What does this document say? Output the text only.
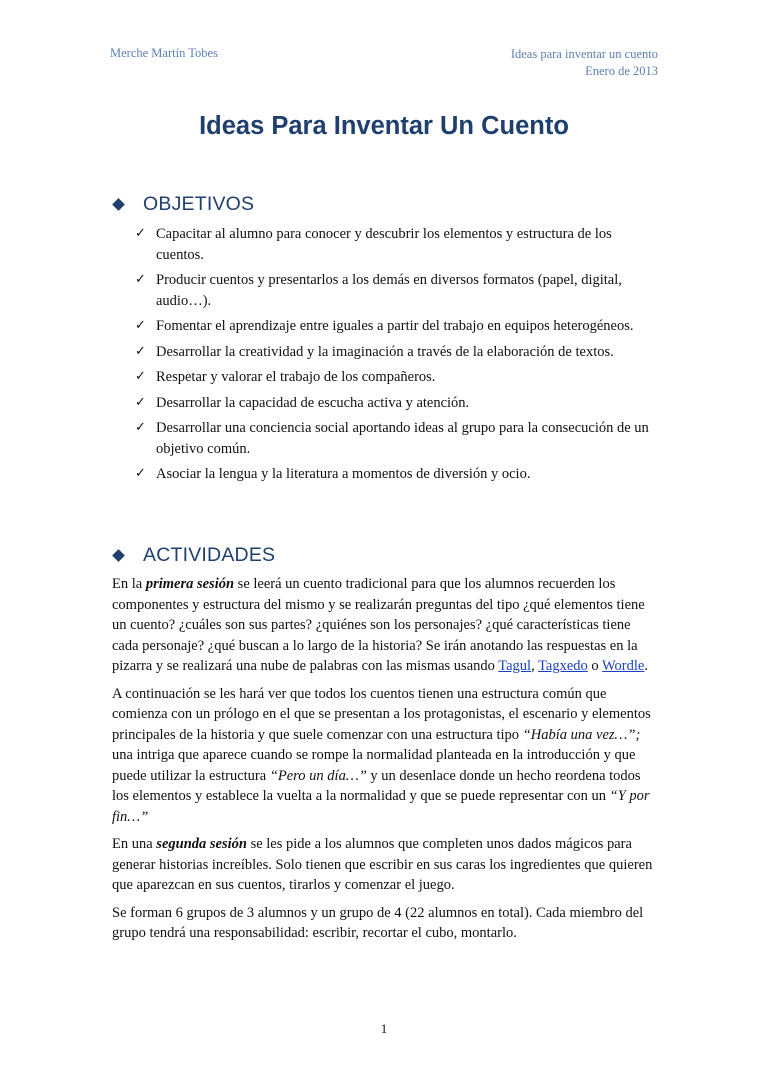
Merche Martín Tobes	Ideas para inventar un cuento
Enero de 2013
Ideas Para Inventar Un Cuento
OBJETIVOS
✓ Capacitar al alumno para conocer y descubrir los elementos y estructura de los cuentos.
✓ Producir cuentos y presentarlos a los demás en diversos formatos (papel, digital, audio…).
✓ Fomentar el aprendizaje entre iguales a partir del trabajo en equipos heterogéneos.
✓ Desarrollar la creatividad y la imaginación a través de la elaboración de textos.
✓ Respetar y valorar el trabajo de los compañeros.
✓ Desarrollar la capacidad de escucha activa y atención.
✓ Desarrollar una conciencia social aportando ideas al grupo para la consecución de un objetivo común.
✓ Asociar la lengua y la literatura a momentos de diversión y ocio.
ACTIVIDADES

En la primera sesión se leerá un cuento tradicional para que los alumnos recuerden los componentes y estructura del mismo y se realizarán preguntas del tipo ¿qué elementos tiene un cuento? ¿cuáles son sus partes? ¿quiénes son los personajes? ¿qué características tiene cada personaje? ¿qué buscan a lo largo de la historia? Se irán anotando las respuestas en la pizarra y se realizará una nube de palabras con las mismas usando Tagul, Tagxedo o Wordle.

A continuación se les hará ver que todos los cuentos tienen una estructura común que comienza con un prólogo en el que se presentan a los protagonistas, el escenario y elementos principales de la historia y que suele comenzar con una estructura tipo “Había una vez…”; una intriga que aparece cuando se rompe la normalidad planteada en la introducción y que puede utilizar la estructura “Pero un día…” y un desenlace donde un hecho reordena todos los elementos y establece la vuelta a la normalidad y que se puede representar con un “Y por fin…”

En una segunda sesión se les pide a los alumnos que completen unos dados mágicos para generar historias increíbles. Solo tienen que escribir en sus caras los ingredientes que quieren que aparezcan en sus cuentos, tirarlos y comenzar el juego.

Se forman 6 grupos de 3 alumnos y un grupo de 4 (22 alumnos en total). Cada miembro del grupo tendrá una responsabilidad: escribir, recortar el cubo, montarlo.

1
